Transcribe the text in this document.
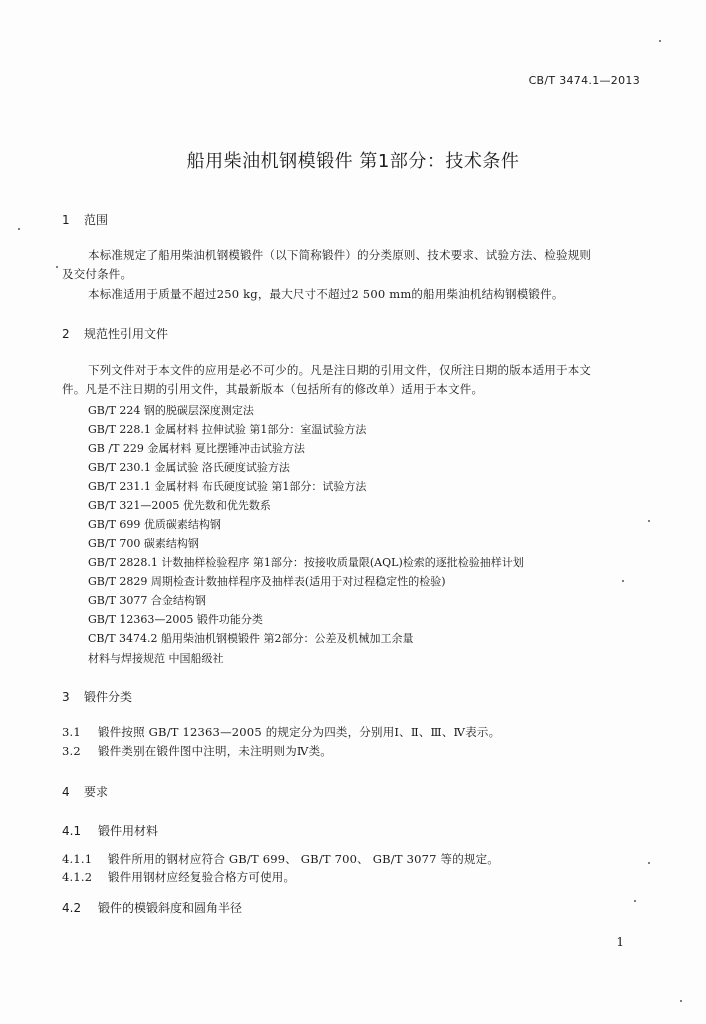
CB/T 3474.1—2013
船用柴油机钢模锻件 第1部分：技术条件
1 范围
本标准规定了船用柴油机钢模锻件（以下简称锻件）的分类原则、技术要求、试验方法、检验规则
及交付条件。
本标准适用于质量不超过250 kg，最大尺寸不超过2 500 mm的船用柴油机结构钢模锻件。
2 规范性引用文件
下列文件对于本文件的应用是必不可少的。凡是注日期的引用文件，仅所注日期的版本适用于本文
件。凡是不注日期的引用文件，其最新版本（包括所有的修改单）适用于本文件。
GB/T 224 钢的脱碳层深度测定法
GB/T 228.1 金属材料 拉伸试验 第1部分：室温试验方法
GB /T 229 金属材料 夏比摆锤冲击试验方法
GB/T 230.1 金属试验 洛氏硬度试验方法
GB/T 231.1 金属材料 布氏硬度试验 第1部分：试验方法
GB/T 321—2005 优先数和优先数系
GB/T 699 优质碳素结构钢
GB/T 700 碳素结构钢
GB/T 2828.1 计数抽样检验程序 第1部分：按接收质量限(AQL)检索的逐批检验抽样计划
GB/T 2829 周期检查计数抽样程序及抽样表(适用于对过程稳定性的检验)
GB/T 3077 合金结构钢
GB/T 12363—2005 锻件功能分类
CB/T 3474.2 船用柴油机钢模锻件 第2部分：公差及机械加工余量
材料与焊接规范 中国船级社
3 锻件分类
3.1 锻件按照 GB/T 12363—2005 的规定分为四类，分别用Ⅰ、Ⅱ、Ⅲ、Ⅳ表示。
3.2 锻件类别在锻件图中注明，未注明则为Ⅳ类。
4 要求
4.1 锻件用材料
4.1.1 锻件所用的钢材应符合 GB/T 699、 GB/T 700、 GB/T 3077 等的规定。
4.1.2 锻件用钢材应经复验合格方可使用。
4.2 锻件的模锻斜度和圆角半径
1
